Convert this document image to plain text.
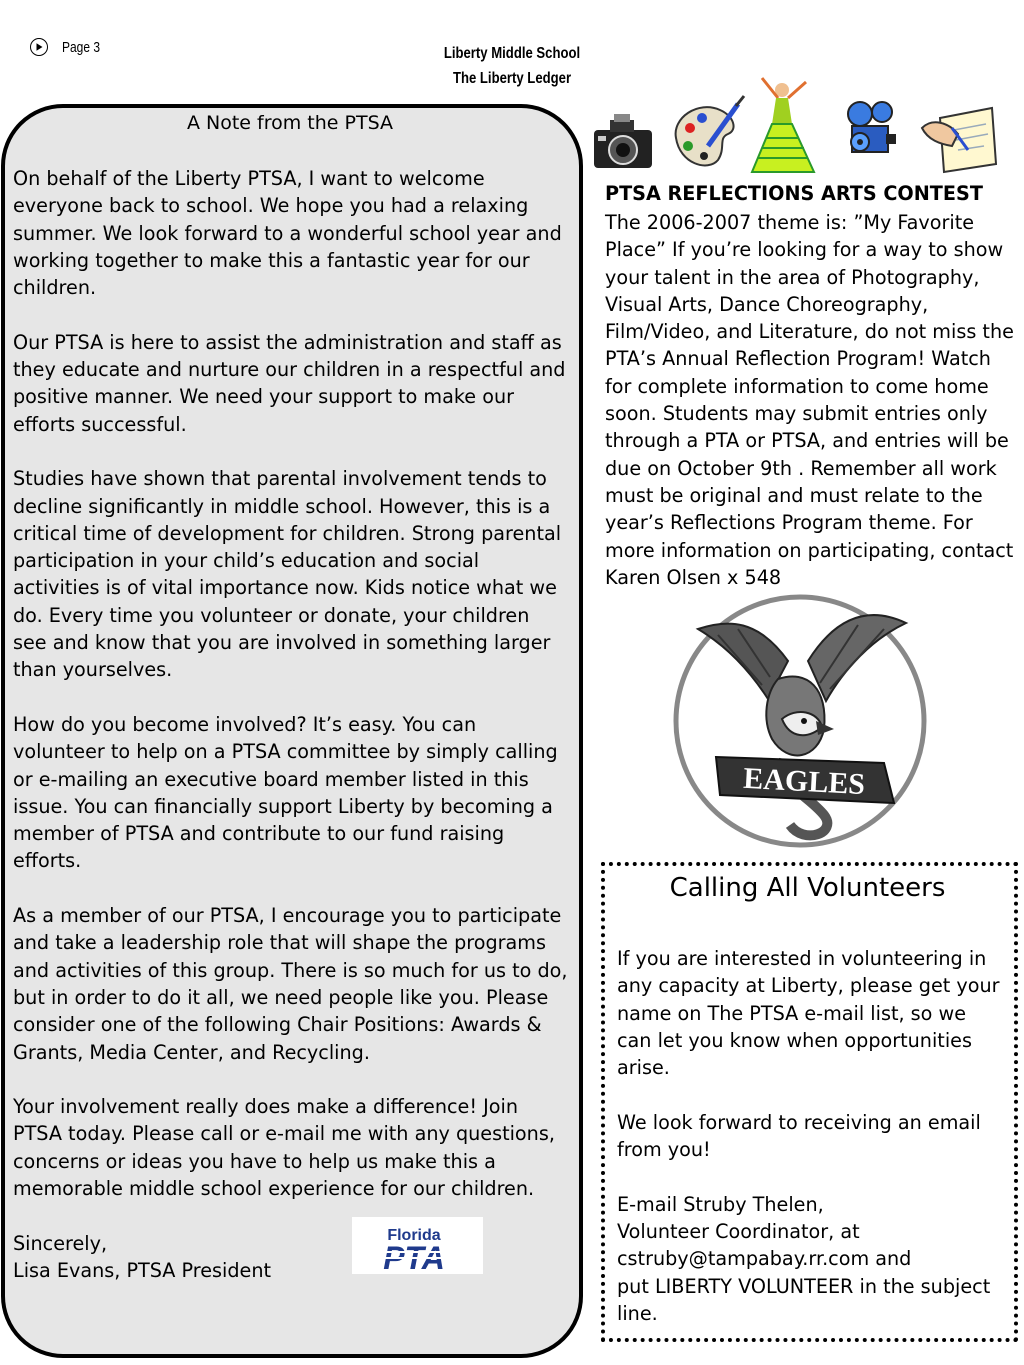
Page 3	Liberty Middle School
The Liberty Ledger
A Note from the PTSA

On behalf of the Liberty PTSA, I want to welcome everyone back to school. We hope you had a relaxing summer. We look forward to a wonderful school year and working together to make this a fantastic year for our children.

Our PTSA is here to assist the administration and staff as they educate and nurture our children in a respectful and positive manner. We need your support to make our efforts successful.

Studies have shown that parental involvement tends to decline significantly in middle school. However, this is a critical time of development for children. Strong parental participation in your child’s education and social activities is of vital importance now. Kids notice what we do. Every time you volunteer or donate, your children see and know that you are involved in something larger than yourselves.

How do you become involved? It’s easy. You can volunteer to help on a PTSA committee by simply calling or e-mailing an executive board member listed in this issue. You can financially support Liberty by becoming a member of PTSA and contribute to our fund raising efforts.

As a member of our PTSA, I encourage you to participate and take a leadership role that will shape the programs and activities of this group. There is so much for us to do, but in order to do it all, we need people like you. Please consider one of the following Chair Positions: Awards & Grants, Media Center, and Recycling.

Your involvement really does make a difference! Join PTSA today. Please call or e-mail me with any questions, concerns or ideas you have to help us make this a memorable middle school experience for our children.

Sincerely,
Lisa Evans, PTSA President

Florida
PTSA REFLECTIONS ARTS CONTEST
The 2006-2007 theme is: ”My Favorite Place” If you’re looking for a way to show your talent in the area of Photography, Visual Arts, Dance Choreography, Film/Video, and Literature, do not miss the PTA’s Annual Reflection Program! Watch for complete information to come home soon. Students may submit entries only through a PTA or PTSA, and entries will be due on October 9th . Remember all work must be original and must relate to the year’s Reflections Program theme. For more information on participating, contact Karen Olsen x 548
EAGLES
Calling All Volunteers

If you are interested in volunteering in any capacity at Liberty, please get your name on The PTSA e-mail list, so we can let you know when opportunities arise.

We look forward to receiving an email from you!

E-mail Struby Thelen,
Volunteer Coordinator, at
cstruby@tampabay.rr.com and
put LIBERTY VOLUNTEER in the subject line.
